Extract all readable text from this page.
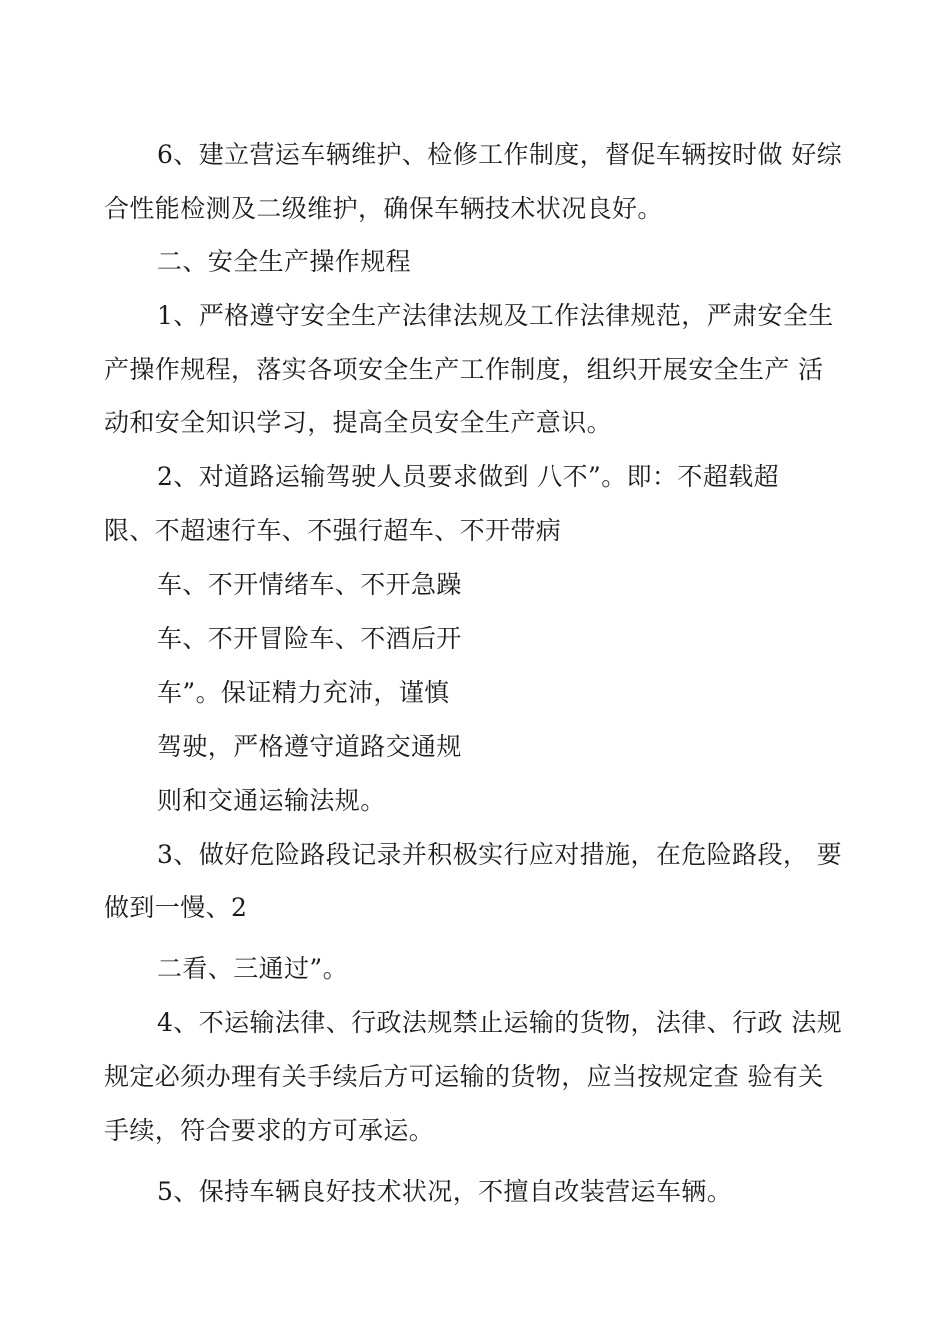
6、建立营运车辆维护、检修工作制度，督促车辆按时做 好综
合性能检测及二级维护，确保车辆技术状况良好。
二、安全生产操作规程
1、严格遵守安全生产法律法规及工作法律规范，严肃安全生
产操作规程，落实各项安全生产工作制度，组织开展安全生产 活
动和安全知识学习，提高全员安全生产意识。
2、对道路运输驾驶人员要求做到 八不”。即：不超载超
限、不超速行车、不强行超车、不开带病
车、不开情绪车、不开急躁
车、不开冒险车、不酒后开
车”。保证精力充沛，谨慎
驾驶，严格遵守道路交通规
则和交通运输法规。
3、做好危险路段记录并积极实行应对措施，在危险路段， 要
做到一慢、2
二看、三通过”。
4、不运输法律、行政法规禁止运输的货物，法律、行政 法规
规定必须办理有关手续后方可运输的货物，应当按规定查 验有关
手续，符合要求的方可承运。
5、保持车辆良好技术状况，不擅自改装营运车辆。
